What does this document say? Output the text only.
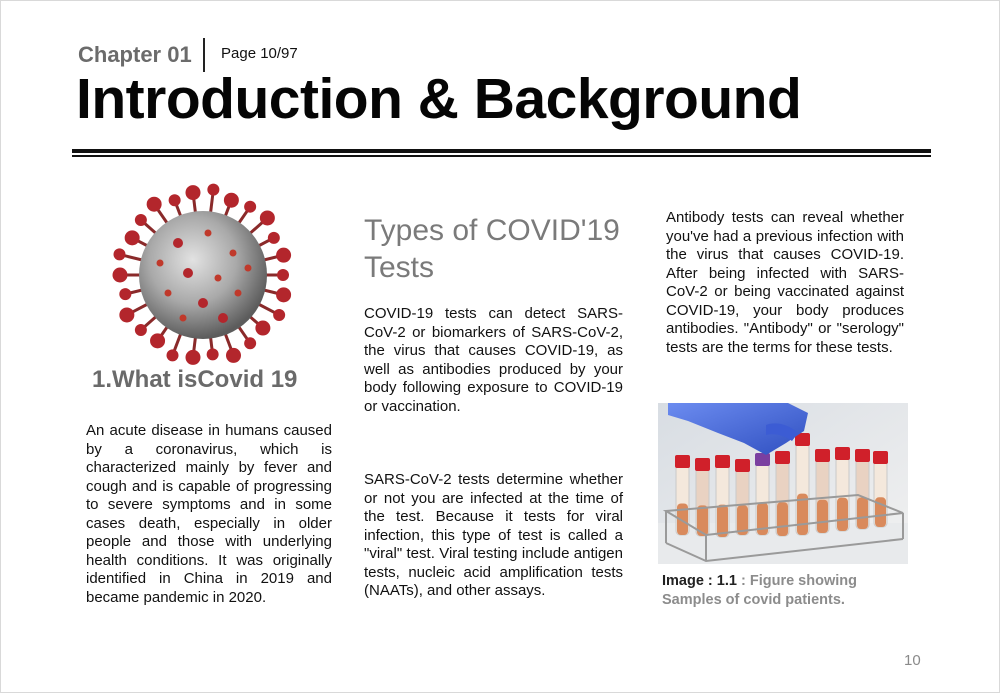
Chapter 01 Page 10/97
Introduction & Background
1.What isCovid 19

An acute disease in humans caused by a coronavirus, which is characterized mainly by fever and cough and is capable of progressing to severe symptoms and in some cases death, especially in older people and those with underlying health conditions. It was originally identified in China in 2019 and became pandemic in 2020.

Types of COVID'19 Tests

COVID-19 tests can detect SARS-CoV-2 or biomarkers of SARS-CoV-2, the virus that causes COVID-19, as well as antibodies produced by your body following exposure to COVID-19 or vaccination.

SARS-CoV-2 tests determine whether or not you are infected at the time of the test. Because it tests for viral infection, this type of test is called a "viral" test. Viral testing include antigen tests, nucleic acid amplification tests (NAATs), and other assays.

Antibody tests can reveal whether you've had a previous infection with the virus that causes COVID-19. After being infected with SARS-CoV-2 or being vaccinated against COVID-19, your body produces antibodies. "Antibody" or "serology" tests are the terms for these tests.

Image : 1.1 : Figure showing Samples of covid patients.

10
